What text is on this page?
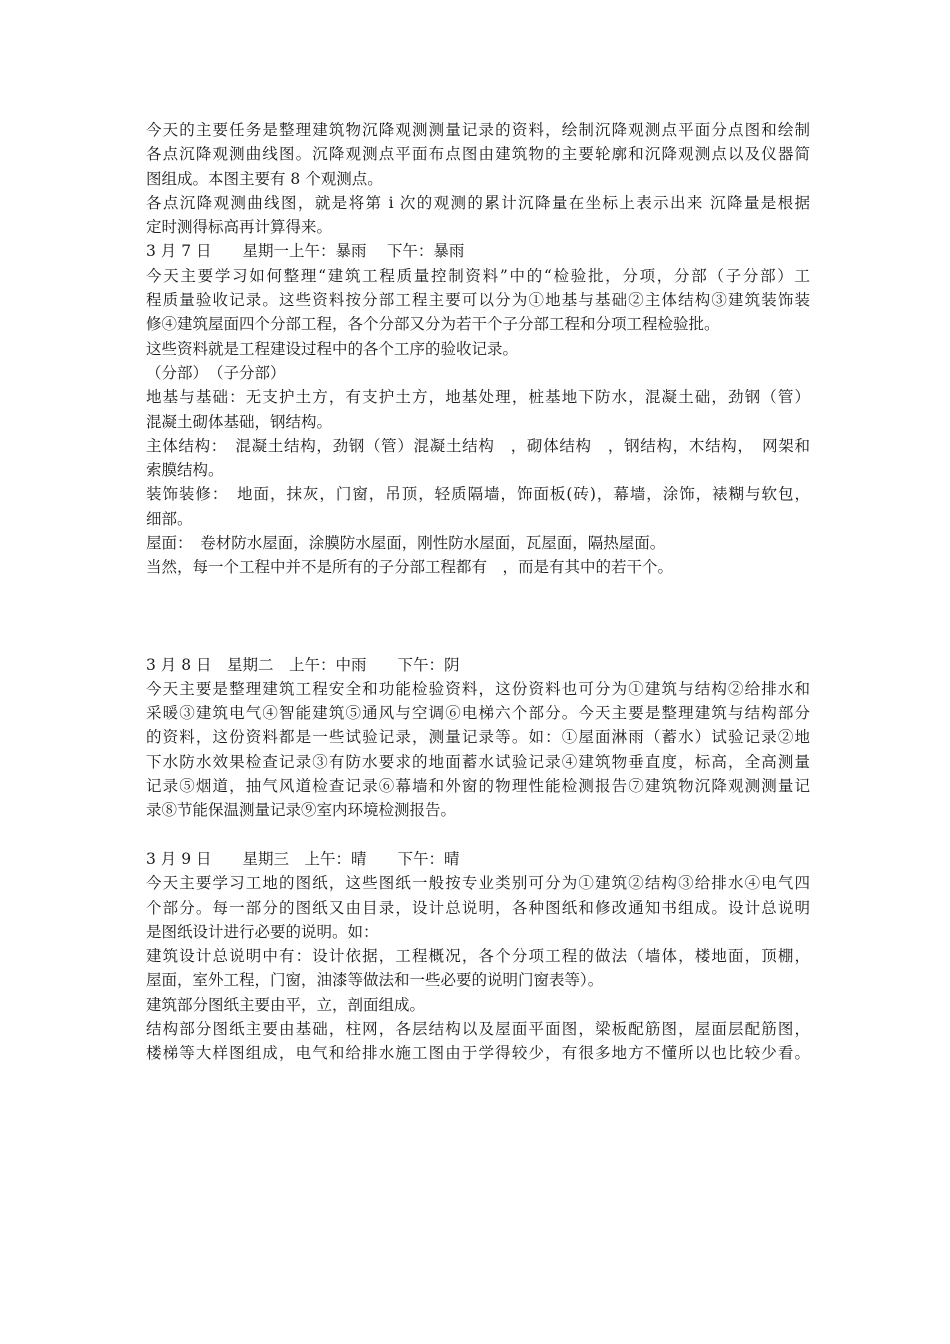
今天的主要任务是整理建筑物沉降观测测量记录的资料，绘制沉降观测点平面分点图和绘制

各点沉降观测曲线图。沉降观测点平面布点图由建筑物的主要轮廓和沉降观测点以及仪器简

图组成。本图主要有 8 个观测点。

各点沉降观测曲线图，就是将第 i 次的观测的累计沉降量在坐标上表示出来 沉降量是根据

定时测得标高再计算得来。

3 月 7 日　　星期一上午：暴雨　 下午：暴雨

今天主要学习如何整理“建筑工程质量控制资料”中的“检验批，分项，分部（子分部）工

程质量验收记录。这些资料按分部工程主要可以分为①地基与基础②主体结构③建筑装饰装

修④建筑屋面四个分部工程，各个分部又分为若干个子分部工程和分项工程检验批。

这些资料就是工程建设过程中的各个工序的验收记录。

（分部）　（子分部）

地基与基础：无支护土方，有支护土方，地基处理，桩基地下防水，混凝土础，劲钢（管）

混凝土砌体基础，钢结构。

主体结构：　混凝土结构，劲钢（管）混凝土结构　，砌体结构　，钢结构，木结构，　网架和

索膜结构。

装饰装修：　地面，抹灰，门窗，吊顶，轻质隔墙，饰面板(砖)，幕墙，涂饰，裱糊与软包，

细部。

屋面：　卷材防水屋面，涂膜防水屋面，刚性防水屋面，瓦屋面，隔热屋面。

当然，每一个工程中并不是所有的子分部工程都有　，而是有其中的若干个。

3 月 8 日　星期二　上午：中雨　　下午：阴

今天主要是整理建筑工程安全和功能检验资料，这份资料也可分为①建筑与结构②给排水和

采暖③建筑电气④智能建筑⑤通风与空调⑥电梯六个部分。今天主要是整理建筑与结构部分

的资料，这份资料都是一些试验记录，测量记录等。如：①屋面淋雨（蓄水）试验记录②地

下水防水效果检查记录③有防水要求的地面蓄水试验记录④建筑物垂直度，标高，全高测量

记录⑤烟道，抽气风道检查记录⑥幕墙和外窗的物理性能检测报告⑦建筑物沉降观测测量记

录⑧节能保温测量记录⑨室内环境检测报告。

3 月 9 日　　星期三　上午：晴　　下午：晴

今天主要学习工地的图纸，这些图纸一般按专业类别可分为①建筑②结构③给排水④电气四

个部分。每一部分的图纸又由目录，设计总说明，各种图纸和修改通知书组成。设计总说明

是图纸设计进行必要的说明。如：

建筑设计总说明中有：设计依据，工程概况，各个分项工程的做法（墙体，楼地面，顶棚，

屋面，室外工程，门窗，油漆等做法和一些必要的说明门窗表等）。

建筑部分图纸主要由平，立，剖面组成。

结构部分图纸主要由基础，柱网，各层结构以及屋面平面图，梁板配筋图，屋面层配筋图，

楼梯等大样图组成，电气和给排水施工图由于学得较少，有很多地方不懂所以也比较少看。
